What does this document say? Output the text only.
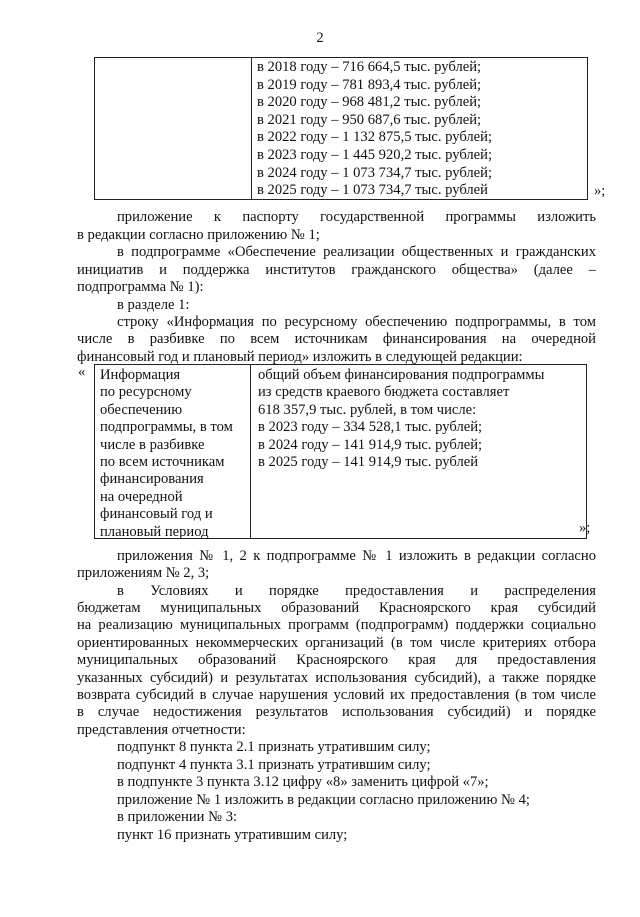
2
в 2018 году – 716 664,5 тыс. рублей;
в 2019 году – 781 893,4 тыс. рублей;
в 2020 году – 968 481,2 тыс. рублей;
в 2021 году – 950 687,6 тыс. рублей;
в 2022 году – 1 132 875,5 тыс. рублей;
в 2023 году – 1 445 920,2 тыс. рублей;
в 2024 году – 1 073 734,7 тыс. рублей;
в 2025 году – 1 073 734,7 тыс. рублей	»;
приложение к паспорту государственной программы изложить
в редакции согласно приложению № 1;
в подпрограмме «Обеспечение реализации общественных и гражданских
инициатив и поддержка институтов гражданского общества» (далее –
подпрограмма № 1):
в разделе 1:
строку «Информация по ресурсному обеспечению подпрограммы, в том
числе в разбивке по всем источникам финансирования на очередной
финансовый год и плановый период» изложить в следующей редакции:
« Информация
по ресурсному
обеспечению
подпрограммы, в том
числе в разбивке
по всем источникам
финансирования
на очередной
финансовый год и
плановый период
общий объем финансирования подпрограммы
из средств краевого бюджета составляет
618 357,9 тыс. рублей, в том числе:
в 2023 году – 334 528,1 тыс. рублей;
в 2024 году – 141 914,9 тыс. рублей;
в 2025 году – 141 914,9 тыс. рублей
»;
приложения № 1, 2 к подпрограмме № 1 изложить в редакции согласно
приложениям № 2, 3;
в Условиях и порядке предоставления и распределения
бюджетам муниципальных образований Красноярского края субсидий
на реализацию муниципальных программ (подпрограмм) поддержки социально
ориентированных некоммерческих организаций (в том числе критериях отбора
муниципальных образований Красноярского края для предоставления
указанных субсидий) и результатах использования субсидий), а также порядке
возврата субсидий в случае нарушения условий их предоставления (в том числе
в случае недостижения результатов использования субсидий) и порядке
представления отчетности:
подпункт 8 пункта 2.1 признать утратившим силу;
подпункт 4 пункта 3.1 признать утратившим силу;
в подпункте 3 пункта 3.12 цифру «8» заменить цифрой «7»;
приложение № 1 изложить в редакции согласно приложению № 4;
в приложении № 3:
пункт 16 признать утратившим силу;
